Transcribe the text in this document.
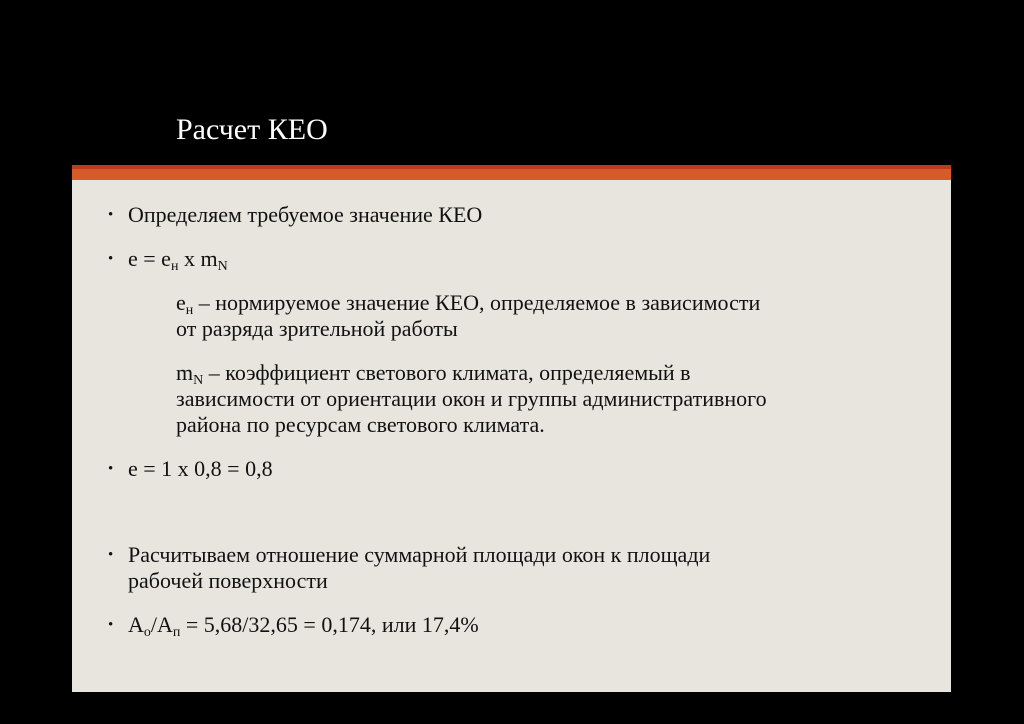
Расчет КЕО
• Определяем требуемое значение КЕО
• $е = е_н$ х $m_N$
$е_н$ – нормируемое значение КЕО, определяемое в зависимости
от разряда зрительной работы
$m_N$ – коэффициент светового климата, определяемый в
зависимости от ориентации окон и группы административного
района по ресурсам светового климата.
• е = 1 х 0,8 = 0,8
• Расчитываем отношение суммарной площади окон к площади
рабочей поверхности
• $А_о/А_п = 5,68/32,65 = 0,174$, или 17,4%
